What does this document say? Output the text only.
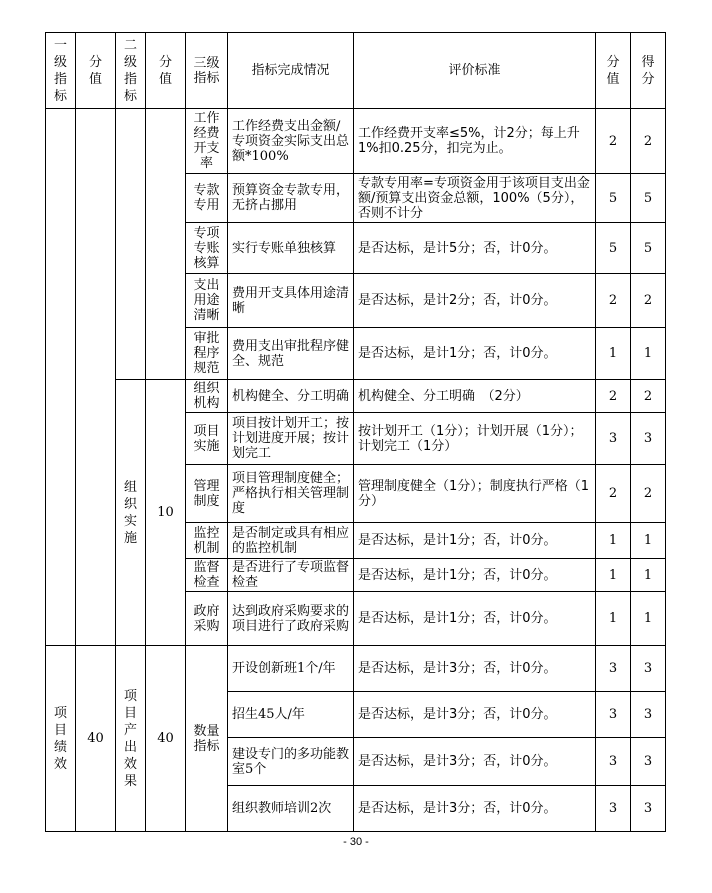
一级指标	分值	二级指标	分值	三级指标	指标完成情况	评价标准	分值	得分
				工作经费开支率	工作经费支出金额/专项资金实际支出总额*100%	工作经费开支率≤5%，计2分；每上升1%扣0.25分，扣完为止。	2	2
				专款专用	预算资金专款专用，无挤占挪用	专款专用率=专项资金用于该项目支出金额/预算支出资金总额，100%（5分），否则不计分	5	5
				专项专账核算	实行专账单独核算	是否达标，是计5分；否，计0分。	5	5
				支出用途清晰	费用开支具体用途清晰	是否达标，是计2分；否，计0分。	2	2
				审批程序规范	费用支出审批程序健全、规范	是否达标，是计1分；否，计0分。	1	1
		组织实施	10	组织机构	机构健全、分工明确	机构健全、分工明确　（2分）	2	2
				项目实施	项目按计划开工；按计划进度开展；按计划完工	按计划开工（1分）；计划开展（1分）；计划完工（1分）	3	3
				管理制度	项目管理制度健全；严格执行相关管理制度	管理制度健全（1分）；制度执行严格（1分）	2	2
				监控机制	是否制定或具有相应的监控机制	是否达标，是计1分；否，计0分。	1	1
				监督检查	是否进行了专项监督检查	是否达标，是计1分；否，计0分。	1	1
				政府采购	达到政府采购要求的项目进行了政府采购	是否达标，是计1分；否，计0分。	1	1
项目绩效	40	项目产出效果	40	数量指标	开设创新班1个/年	是否达标，是计3分；否，计0分。	3	3
					招生45人/年	是否达标，是计3分；否，计0分。	3	3
					建设专门的多功能教室5个	是否达标，是计3分；否，计0分。	3	3
					组织教师培训2次	是否达标，是计3分；否，计0分。	3	3
- 30 -
